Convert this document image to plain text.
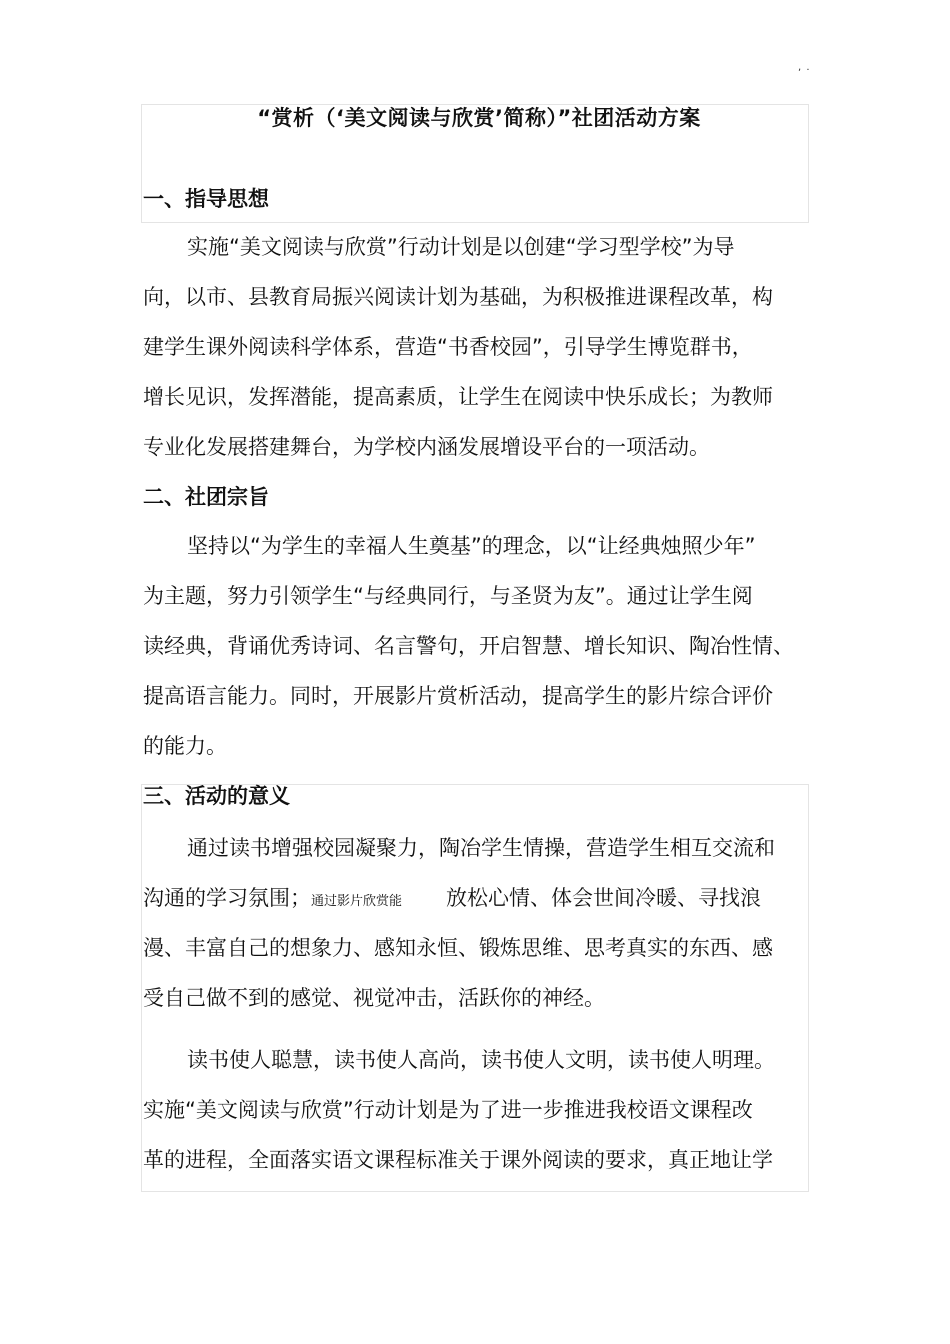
, .
“赏析（‘美文阅读与欣赏’简称）”社团活动方案
一、指导思想
实施“美文阅读与欣赏”行动计划是以创建“学习型学校”为导
向，以市、县教育局振兴阅读计划为基础，为积极推进课程改革，构
建学生课外阅读科学体系，营造“书香校园”，引导学生博览群书，
增长见识，发挥潜能，提高素质，让学生在阅读中快乐成长；为教师
专业化发展搭建舞台，为学校内涵发展增设平台的一项活动。
二、社团宗旨
坚持以“为学生的幸福人生奠基”的理念，以“让经典烛照少年”
为主题，努力引领学生“与经典同行，与圣贤为友”。通过让学生阅
读经典，背诵优秀诗词、名言警句，开启智慧、增长知识、陶冶性情、
提高语言能力。同时，开展影片赏析活动，提高学生的影片综合评价
的能力。
三、活动的意义
通过读书增强校园凝聚力，陶冶学生情操，营造学生相互交流和
沟通的学习氛围；通过影片欣赏能 放松心情、体会世间冷暖、寻找浪
漫、丰富自己的想象力、感知永恒、锻炼思维、思考真实的东西、感
受自己做不到的感觉、视觉冲击，活跃你的神经。
读书使人聪慧，读书使人高尚，读书使人文明，读书使人明理。
实施“美文阅读与欣赏”行动计划是为了进一步推进我校语文课程改
革的进程，全面落实语文课程标准关于课外阅读的要求，真正地让学
